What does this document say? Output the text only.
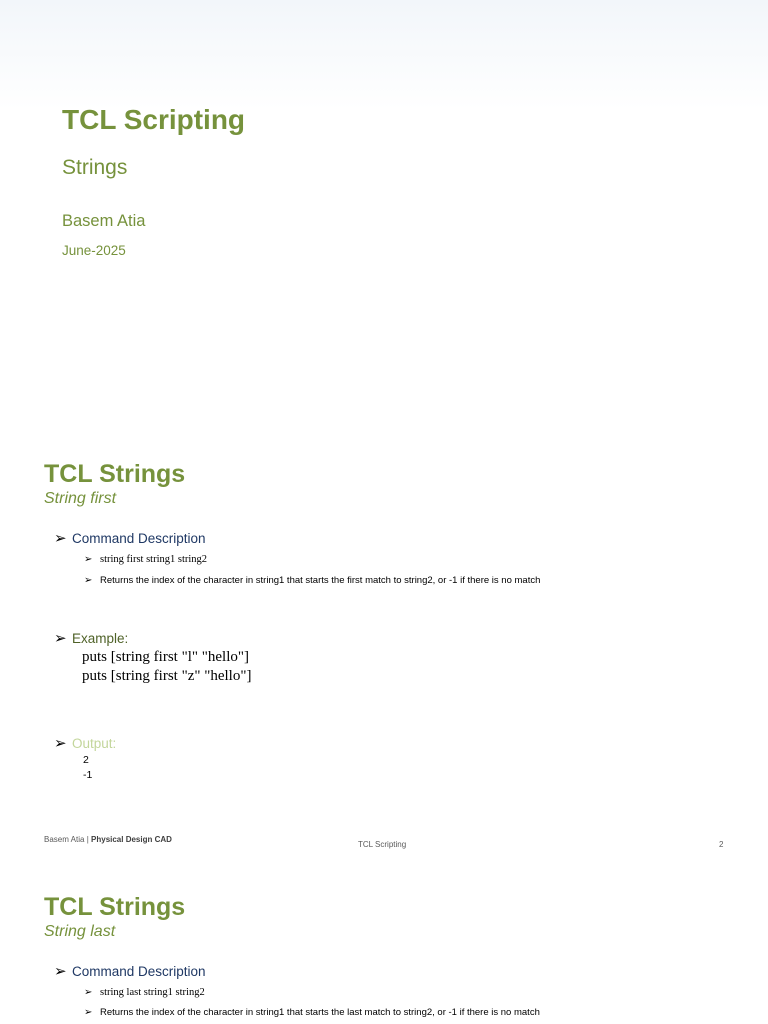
TCL Scripting
Strings
Basem Atia
June-2025
TCL Strings
String first
➢ Command Description
➢ string first string1 string2
➢ Returns the index of the character in string1 that starts the first match to string2, or -1 if there is no match
➢ Example:
puts [string first "l" "hello"]
puts [string first "z" "hello"]
➢ Output:
2
-1
Basem Atia | Physical Design CAD
TCL Scripting	2
TCL Strings
String last
➢ Command Description
➢ string last string1 string2
➢ Returns the index of the character in string1 that starts the last match to string2, or -1 if there is no match
